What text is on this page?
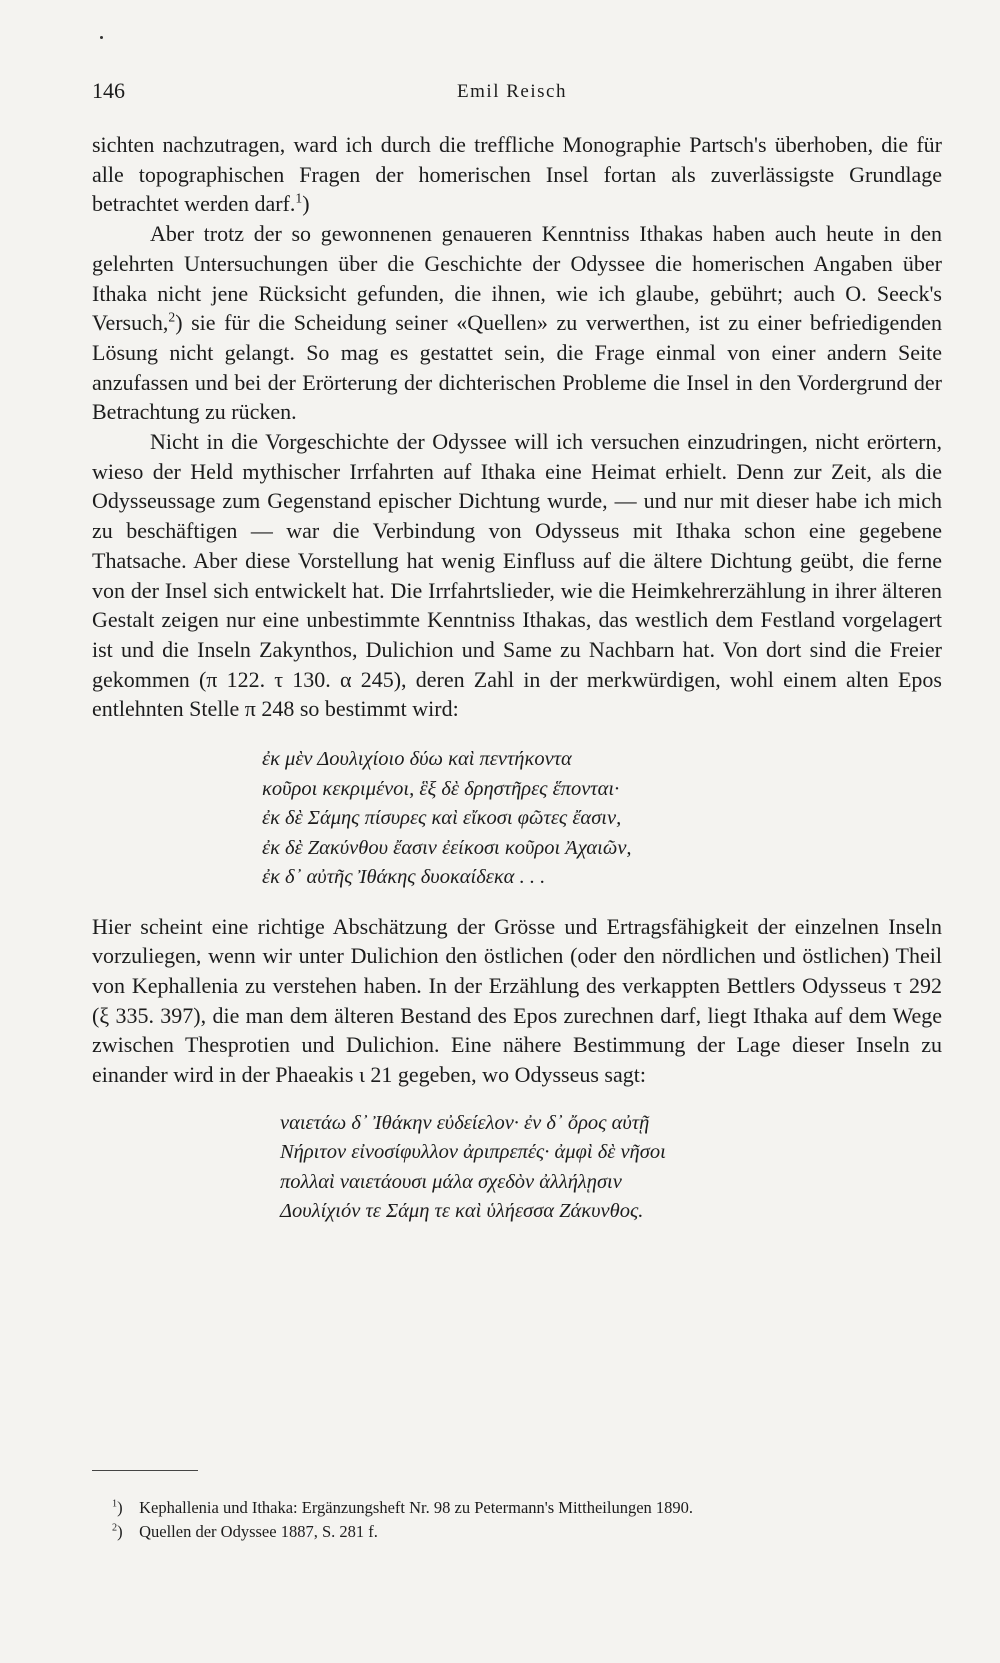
146	Emil Reisch

sichten nachzutragen, ward ich durch die treffliche Monographie Partsch's überhoben, die für alle topographischen Fragen der homerischen Insel fortan als zuverlässigste Grundlage betrachtet werden darf.$^1$)

Aber trotz der so gewonnenen genaueren Kenntniss Ithakas haben auch heute in den gelehrten Untersuchungen über die Geschichte der Odyssee die homerischen Angaben über Ithaka nicht jene Rücksicht gefunden, die ihnen, wie ich glaube, gebührt; auch O. Seeck's Versuch,$^2$) sie für die Scheidung seiner «Quellen» zu verwerthen, ist zu einer befriedigenden Lösung nicht gelangt. So mag es gestattet sein, die Frage einmal von einer andern Seite anzufassen und bei der Erörterung der dichterischen Probleme die Insel in den Vordergrund der Betrachtung zu rücken.

Nicht in die Vorgeschichte der Odyssee will ich versuchen einzudringen, nicht erörtern, wieso der Held mythischer Irrfahrten auf Ithaka eine Heimat erhielt. Denn zur Zeit, als die Odysseussage zum Gegenstand epischer Dichtung wurde, — und nur mit dieser habe ich mich zu beschäftigen — war die Verbindung von Odysseus mit Ithaka schon eine gegebene Thatsache. Aber diese Vorstellung hat wenig Einfluss auf die ältere Dichtung geübt, die ferne von der Insel sich entwickelt hat. Die Irrfahrtslieder, wie die Heimkehrerzählung in ihrer älteren Gestalt zeigen nur eine unbestimmte Kenntniss Ithakas, das westlich dem Festland vorgelagert ist und die Inseln Zakynthos, Dulichion und Same zu Nachbarn hat. Von dort sind die Freier gekommen (π 122. τ 130. α 245), deren Zahl in der merkwürdigen, wohl einem alten Epos entlehnten Stelle π 248 so bestimmt wird:

ἐκ μὲν Δουλιχίοιο δύω καὶ πεντήκοντα
κοῦροι κεκριμένοι, ἓξ δὲ δρηστῆρες ἕπονται·
ἐκ δὲ Σάμης πίσυρες καὶ εἴκοσι φῶτες ἔασιν,
ἐκ δὲ Ζακύνθου ἔασιν ἐείκοσι κοῦροι Ἀχαιῶν,
ἐκ δ᾽ αὐτῆς Ἰθάκης δυοκαίδεκα . . .

Hier scheint eine richtige Abschätzung der Grösse und Ertragsfähigkeit der einzelnen Inseln vorzuliegen, wenn wir unter Dulichion den östlichen (oder den nördlichen und östlichen) Theil von Kephallenia zu verstehen haben. In der Erzählung des verkappten Bettlers Odysseus τ 292 (ξ 335. 397), die man dem älteren Bestand des Epos zurechnen darf, liegt Ithaka auf dem Wege zwischen Thesprotien und Dulichion. Eine nähere Bestimmung der Lage dieser Inseln zu einander wird in der Phaeakis ι 21 gegeben, wo Odysseus sagt:

ναιετάω δ᾽ Ἰθάκην εὐδείελον· ἐν δ᾽ ὄρος αὐτῇ
Νήριτον εἰνοσίφυλλον ἀριπρεπές· ἀμφὶ δὲ νῆσοι
πολλαὶ ναιετάουσι μάλα σχεδὸν ἀλλήλῃσιν
Δουλίχιόν τε Σάμη τε καὶ ὑλήεσσα Ζάκυνθος.
$^1$) Kephallenia und Ithaka: Ergänzungsheft Nr. 98 zu Petermann's Mittheilungen 1890.
$^2$) Quellen der Odyssee 1887, S. 281 f.
